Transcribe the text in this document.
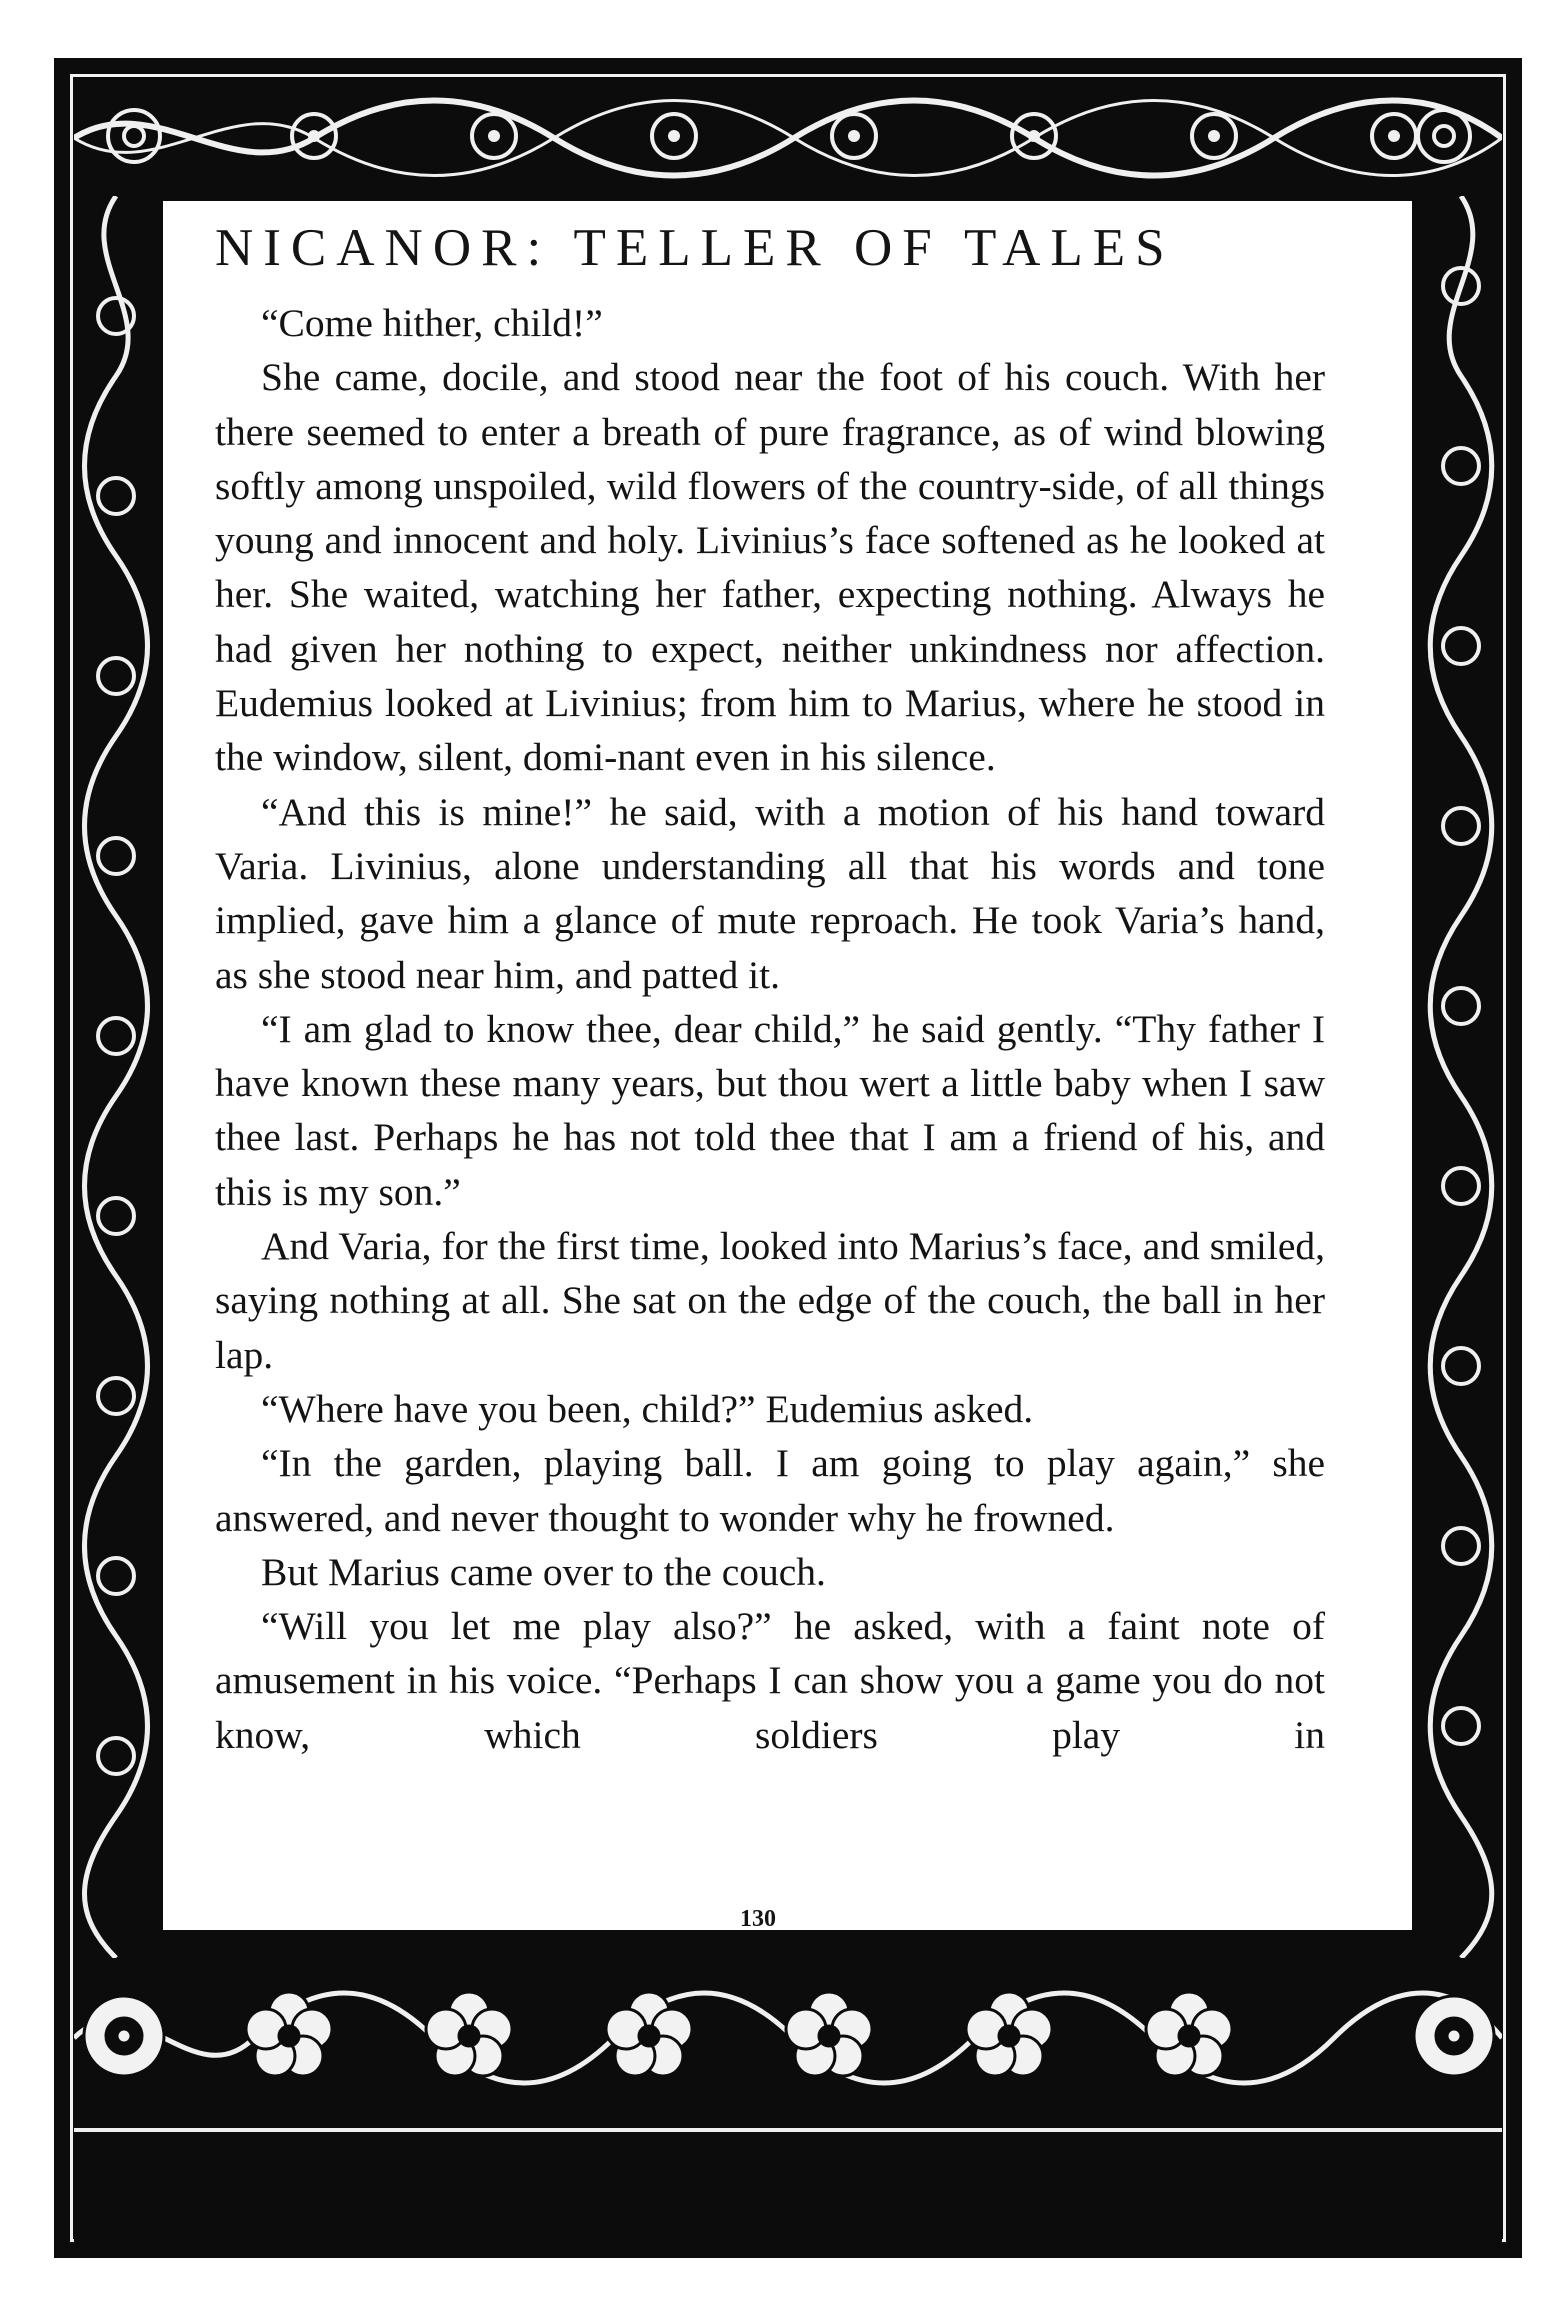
NICANOR: TELLER OF TALES

“Come hither, child!”

She came, docile, and stood near the foot of his couch. With her there seemed to enter a breath of pure fragrance, as of wind blowing softly among unspoiled, wild flowers of the country-side, of all things young and innocent and holy. Livinius’s face softened as he looked at her. She waited, watching her father, expecting nothing. Always he had given her nothing to expect, neither unkindness nor affection. Eudemius looked at Livinius; from him to Marius, where he stood in the window, silent, domi-nant even in his silence.

“And this is mine!” he said, with a motion of his hand toward Varia. Livinius, alone understanding all that his words and tone implied, gave him a glance of mute reproach. He took Varia’s hand, as she stood near him, and patted it.

“I am glad to know thee, dear child,” he said gently. “Thy father I have known these many years, but thou wert a little baby when I saw thee last. Perhaps he has not told thee that I am a friend of his, and this is my son.”

And Varia, for the first time, looked into Marius’s face, and smiled, saying nothing at all. She sat on the edge of the couch, the ball in her lap.

“Where have you been, child?” Eudemius asked.

“In the garden, playing ball. I am going to play again,” she answered, and never thought to wonder why he frowned.

But Marius came over to the couch.

“Will you let me play also?” he asked, with a faint note of amusement in his voice. “Perhaps I can show you a game you do not know, which soldiers play in

130
